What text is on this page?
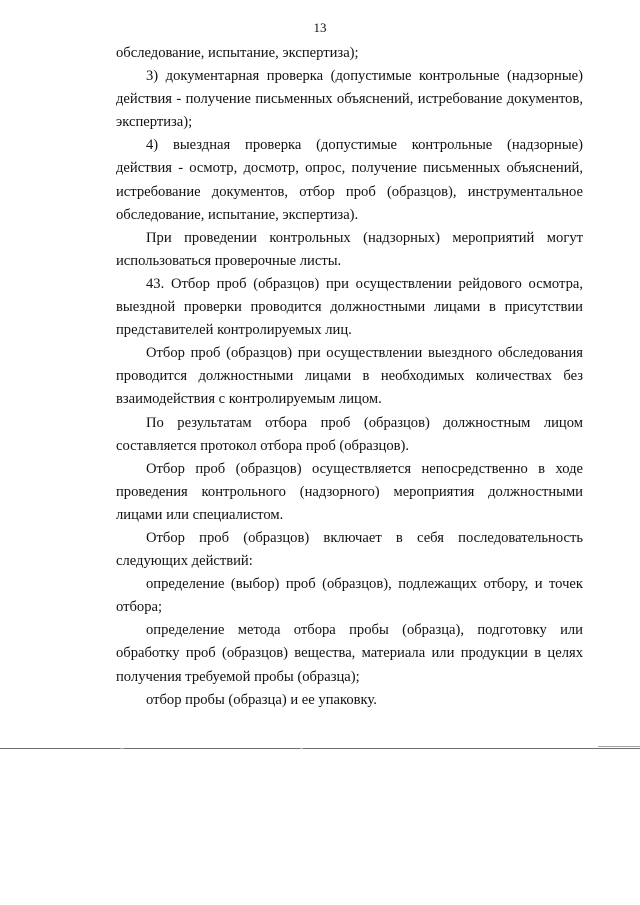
13

обследование, испытание, экспертиза);

3) документарная проверка (допустимые контрольные (надзорные) действия - получение письменных объяснений, истребование документов, экспертиза);

4) выездная проверка (допустимые контрольные (надзорные) действия - осмотр, досмотр, опрос, получение письменных объяснений, истребование документов, отбор проб (образцов), инструментальное обследование, испытание, экспертиза).

При проведении контрольных (надзорных) мероприятий могут использоваться проверочные листы.

43. Отбор проб (образцов) при осуществлении рейдового осмотра, выездной проверки проводится должностными лицами в присутствии представителей контролируемых лиц.

Отбор проб (образцов) при осуществлении выездного обследования проводится должностными лицами в необходимых количествах без взаимодействия с контролируемым лицом.

По результатам отбора проб (образцов) должностным лицом составляется протокол отбора проб (образцов).

Отбор проб (образцов) осуществляется непосредственно в ходе проведения контрольного (надзорного) мероприятия должностными лицами или специалистом.

Отбор проб (образцов) включает в себя последовательность следующих действий:

определение (выбор) проб (образцов), подлежащих отбору, и точек отбора;

определение метода отбора пробы (образца), подготовку или обработку проб (образцов) вещества, материала или продукции в целях получения требуемой пробы (образца);

отбор пробы (образца) и ее упаковку.
